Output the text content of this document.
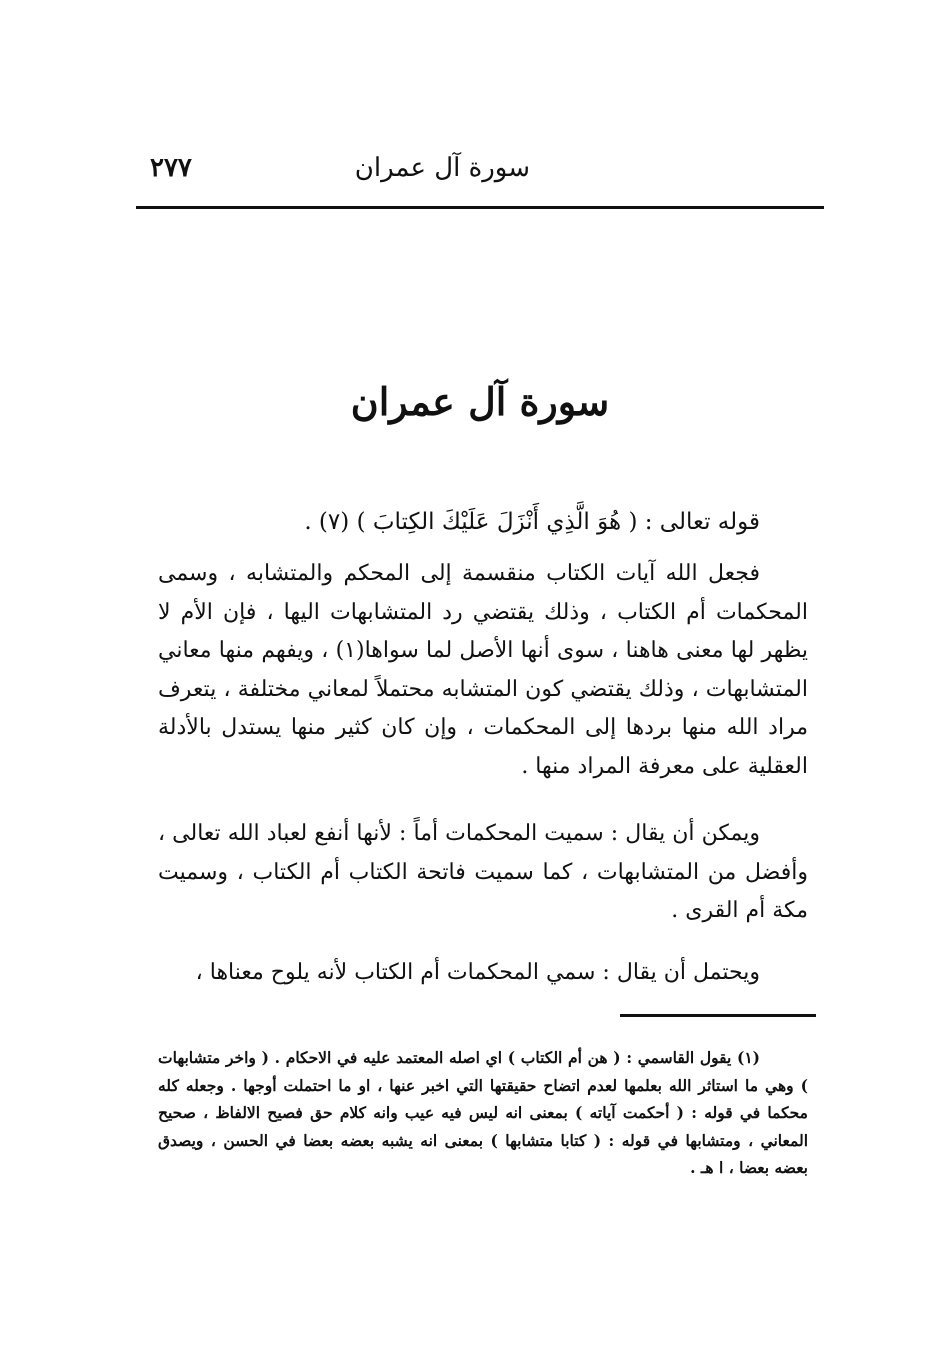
سورة آل عمران
٢٧٧
سورة آل عمران
قوله تعالى : ( هُوَ الَّذِي أَنْزَلَ عَلَيْكَ الكِتابَ ) (٧) .
فجعل الله آيات الكتاب منقسمة إلى المحكم والمتشابه ، وسمى المحكمات أم الكتاب ، وذلك يقتضي رد المتشابهات اليها ، فإن الأم لا يظهر لها معنى هاهنا ، سوى أنها الأصل لما سواها(١) ، ويفهم منها معاني المتشابهات ، وذلك يقتضي كون المتشابه محتملاً لمعاني مختلفة ، يتعرف مراد الله منها بردها إلى المحكمات ، وإن كان كثير منها يستدل بالأدلة العقلية على معرفة المراد منها .
ويمكن أن يقال : سميت المحكمات أماً : لأنها أنفع لعباد الله تعالى ، وأفضل من المتشابهات ، كما سميت فاتحة الكتاب أم الكتاب ، وسميت مكة أم القرى .
ويحتمل أن يقال : سمي المحكمات أم الكتاب لأنه يلوح معناها ،
(١) يقول القاسمي : ( هن أم الكتاب ) اي اصله المعتمد عليه في الاحكام . ( واخر متشابهات ) وهي ما استاثر الله بعلمها لعدم اتضاح حقيقتها التي اخبر عنها ، او ما احتملت أوجها . وجعله كله محكما في قوله : ( أحكمت آياته ) بمعنى انه ليس فيه عيب وانه كلام حق فصيح الالفاظ ، صحيح المعاني ، ومتشابها في قوله : ( كتابا متشابها ) بمعنى انه يشبه بعضه بعضا في الحسن ، ويصدق بعضه بعضا ، ا هـ .
